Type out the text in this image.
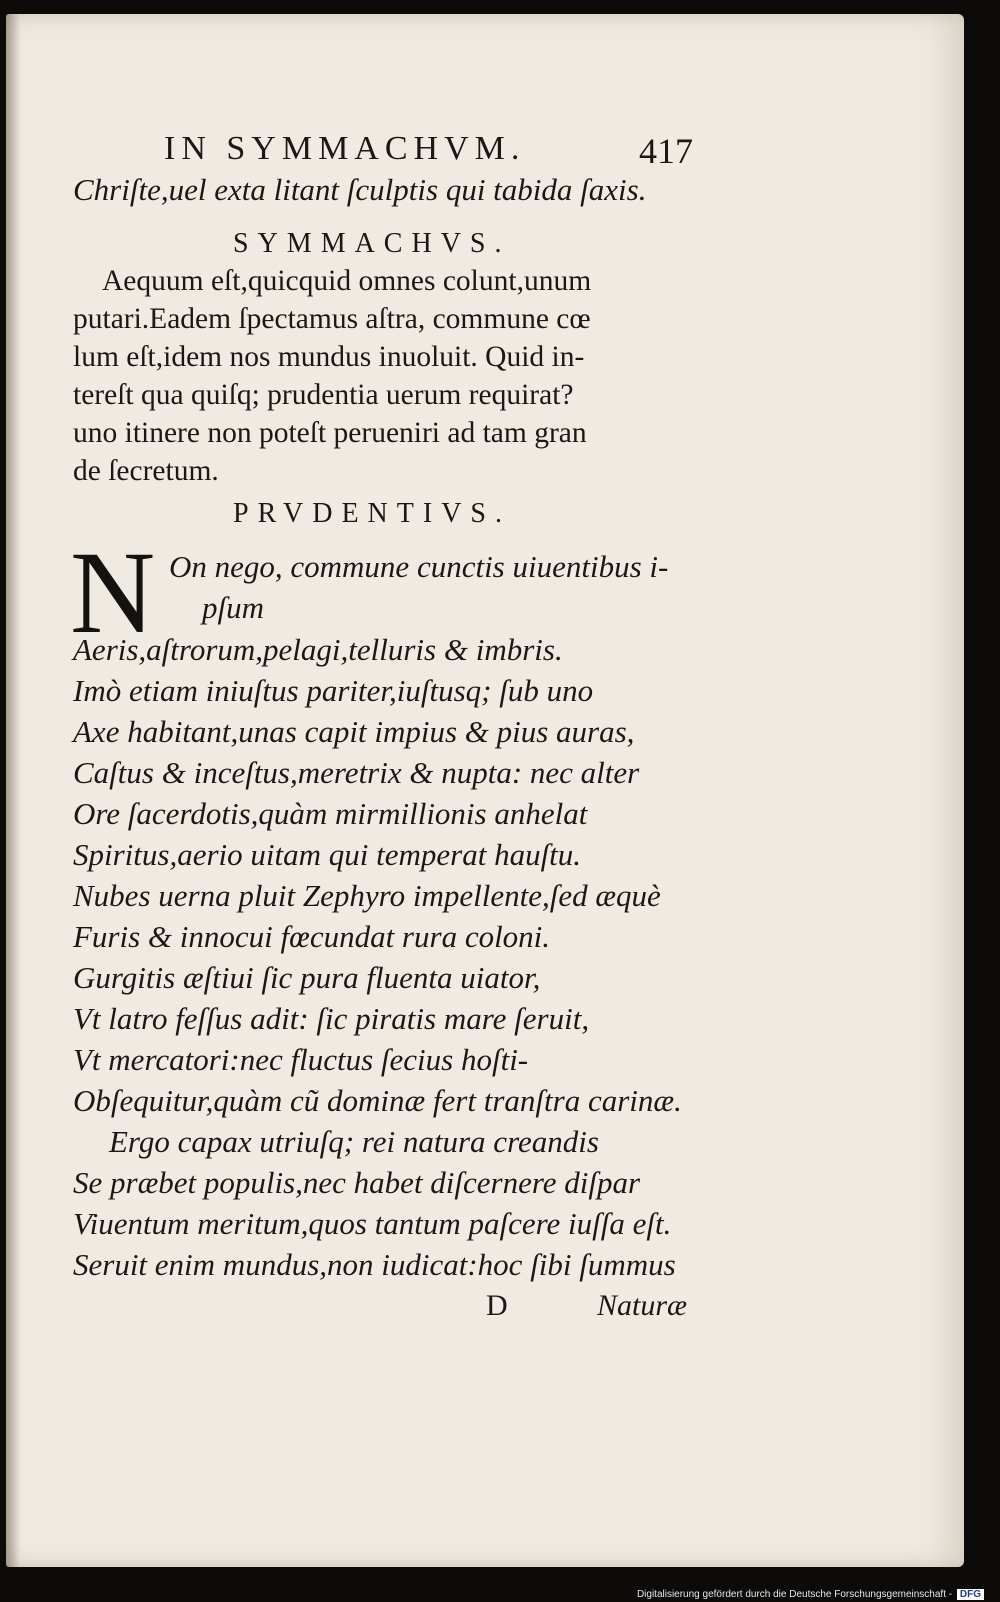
IN SYMMACHVM.	417
Chriſte,uel exta litant ſculptis qui tabida ſaxis.
SYMMACHVS.
Aequum eſt,quicquid omnes colunt,unum
putari.Eadem ſpectamus aſtra, commune cœ
lum eſt,idem nos mundus inuoluit. Quid in-
tereſt qua quiſq; prudentia uerum requirat?
uno itinere non poteſt perueniri ad tam gran
de ſecretum.
PRVDENTIVS.
N On nego, commune cunctis uiuentibus i-
pſum
Aeris,aſtrorum,pelagi,telluris & imbris.
Imò etiam iniuſtus pariter,iuſtusq; ſub uno
Axe habitant,unas capit impius & pius auras,
Caſtus & inceſtus,meretrix & nupta: nec alter
Ore ſacerdotis,quàm mirmillionis anhelat
Spiritus,aerio uitam qui temperat hauſtu.
Nubes uerna pluit Zephyro impellente,ſed æquè
Furis & innocui fœcundat rura coloni.
Gurgitis æſtiui ſic pura fluenta uiator,
Vt latro feſſus adit: ſic piratis mare ſeruit,
Vt mercatori:nec fluctus ſecius hoſti-
Obſequitur,quàm cũ dominæ fert tranſtra carinæ.
Ergo capax utriuſq; rei natura creandis
Se præbet populis,nec habet diſcernere diſpar
Viuentum meritum,quos tantum paſcere iuſſa eſt.
Seruit enim mundus,non iudicat:hoc ſibi ſummus
D	Naturæ
Digitalisierung gefördert durch die Deutsche Forschungsgemeinschaft - DFG
